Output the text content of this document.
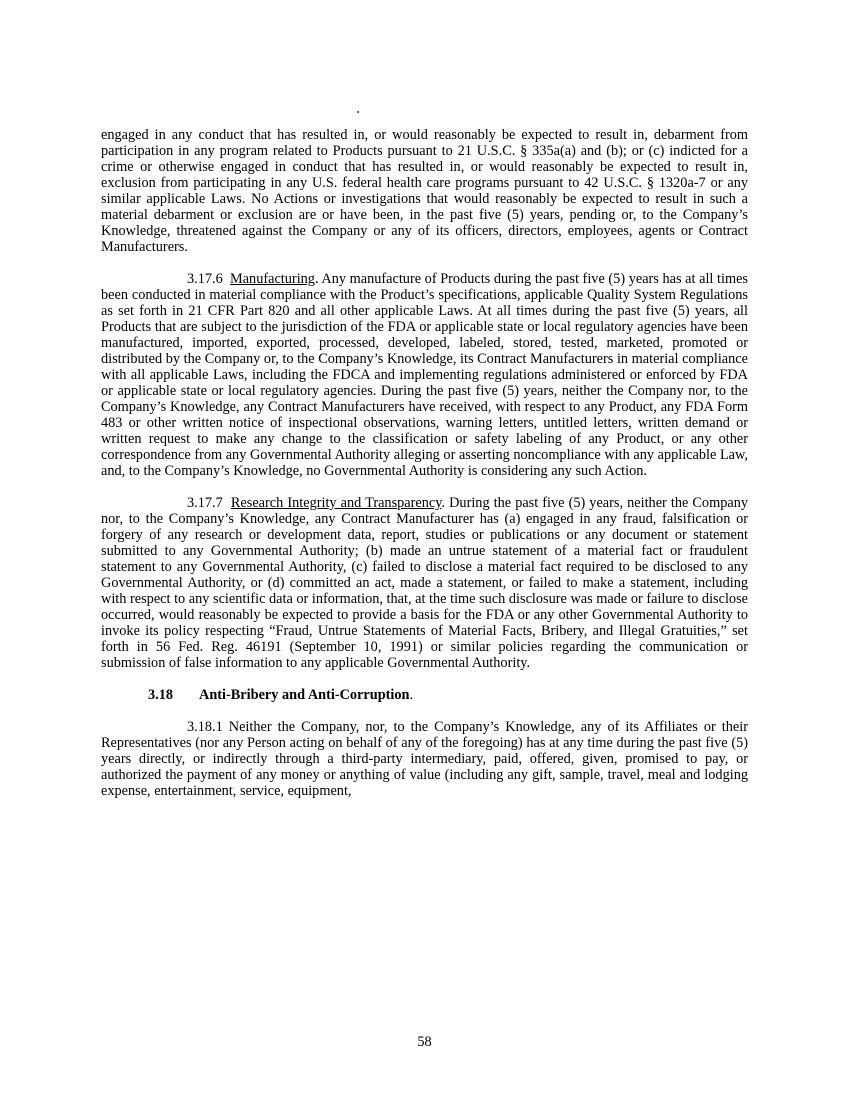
engaged in any conduct that has resulted in, or would reasonably be expected to result in, debarment from participation in any program related to Products pursuant to 21 U.S.C. § 335a(a) and (b); or (c) indicted for a crime or otherwise engaged in conduct that has resulted in, or would reasonably be expected to result in, exclusion from participating in any U.S. federal health care programs pursuant to 42 U.S.C. § 1320a-7 or any similar applicable Laws. No Actions or investigations that would reasonably be expected to result in such a material debarment or exclusion are or have been, in the past five (5) years, pending or, to the Company’s Knowledge, threatened against the Company or any of its officers, directors, employees, agents or Contract Manufacturers.

3.17.6 Manufacturing. Any manufacture of Products during the past five (5) years has at all times been conducted in material compliance with the Product’s specifications, applicable Quality System Regulations as set forth in 21 CFR Part 820 and all other applicable Laws. At all times during the past five (5) years, all Products that are subject to the jurisdiction of the FDA or applicable state or local regulatory agencies have been manufactured, imported, exported, processed, developed, labeled, stored, tested, marketed, promoted or distributed by the Company or, to the Company’s Knowledge, its Contract Manufacturers in material compliance with all applicable Laws, including the FDCA and implementing regulations administered or enforced by FDA or applicable state or local regulatory agencies. During the past five (5) years, neither the Company nor, to the Company’s Knowledge, any Contract Manufacturers have received, with respect to any Product, any FDA Form 483 or other written notice of inspectional observations, warning letters, untitled letters, written demand or written request to make any change to the classification or safety labeling of any Product, or any other correspondence from any Governmental Authority alleging or asserting noncompliance with any applicable Law, and, to the Company’s Knowledge, no Governmental Authority is considering any such Action.

3.17.7 Research Integrity and Transparency. During the past five (5) years, neither the Company nor, to the Company’s Knowledge, any Contract Manufacturer has (a) engaged in any fraud, falsification or forgery of any research or development data, report, studies or publications or any document or statement submitted to any Governmental Authority; (b) made an untrue statement of a material fact or fraudulent statement to any Governmental Authority, (c) failed to disclose a material fact required to be disclosed to any Governmental Authority, or (d) committed an act, made a statement, or failed to make a statement, including with respect to any scientific data or information, that, at the time such disclosure was made or failure to disclose occurred, would reasonably be expected to provide a basis for the FDA or any other Governmental Authority to invoke its policy respecting “Fraud, Untrue Statements of Material Facts, Bribery, and Illegal Gratuities,” set forth in 56 Fed. Reg. 46191 (September 10, 1991) or similar policies regarding the communication or submission of false information to any applicable Governmental Authority.

3.18 Anti-Bribery and Anti-Corruption.

3.18.1 Neither the Company, nor, to the Company’s Knowledge, any of its Affiliates or their Representatives (nor any Person acting on behalf of any of the foregoing) has at any time during the past five (5) years directly, or indirectly through a third-party intermediary, paid, offered, given, promised to pay, or authorized the payment of any money or anything of value (including any gift, sample, travel, meal and lodging expense, entertainment, service, equipment,

58
